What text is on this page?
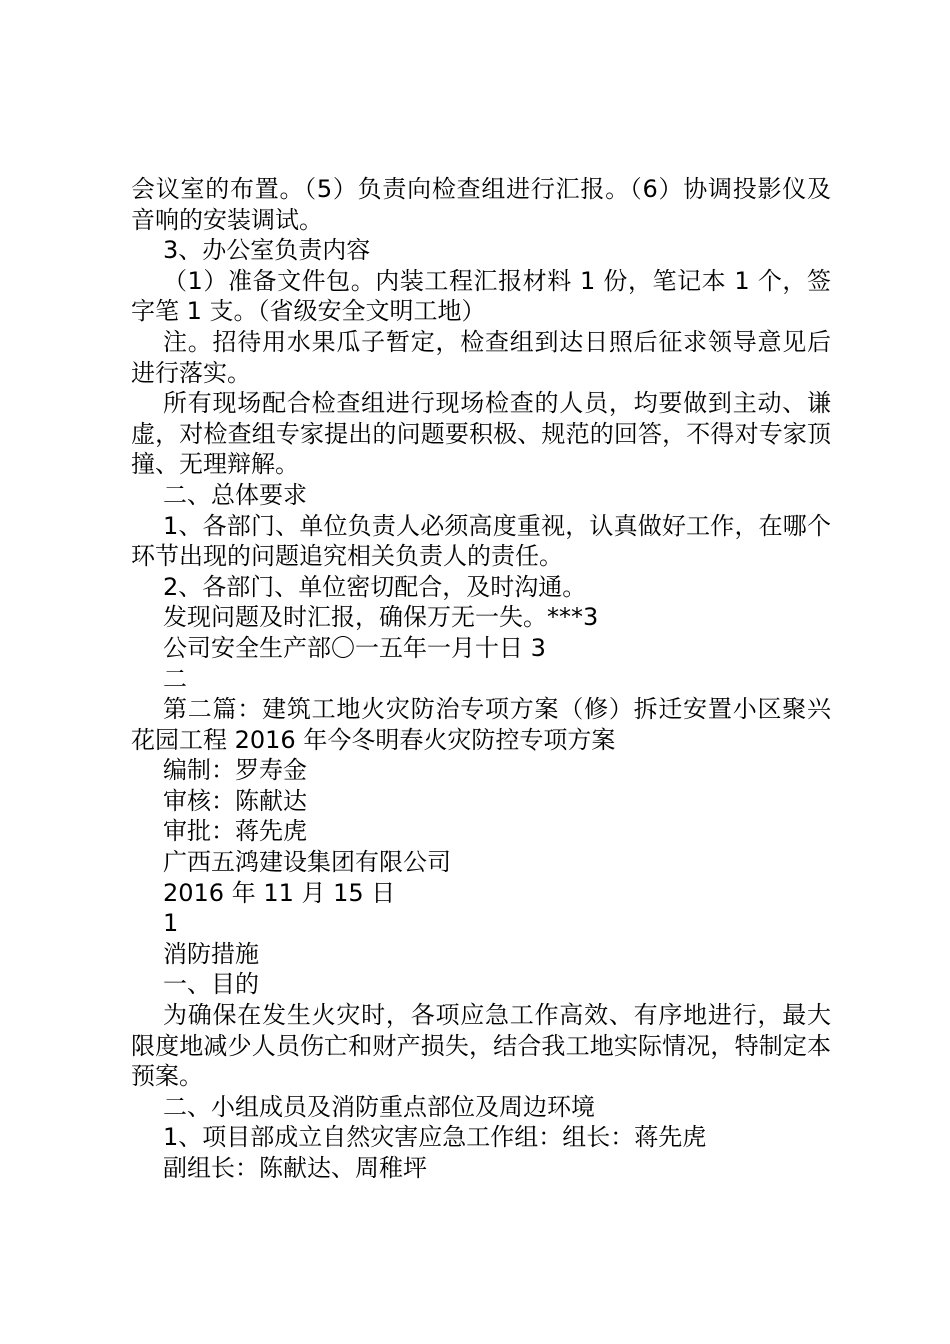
会议室的布置。（5）负责向检查组进行汇报。（6）协调投影仪及音响的安装调试。

3、办公室负责内容

（1）准备文件包。内装工程汇报材料 1 份，笔记本 1 个，签字笔 1 支。（省级安全文明工地）

注。招待用水果瓜子暂定，检查组到达日照后征求领导意见后进行落实。

所有现场配合检查组进行现场检查的人员，均要做到主动、谦虚，对检查组专家提出的问题要积极、规范的回答，不得对专家顶撞、无理辩解。

二、总体要求

1、各部门、单位负责人必须高度重视，认真做好工作，在哪个环节出现的问题追究相关负责人的责任。

2、各部门、单位密切配合，及时沟通。

发现问题及时汇报，确保万无一失。***3

公司安全生产部〇一五年一月十日 3

二

第二篇：建筑工地火灾防治专项方案（修）拆迁安置小区聚兴花园工程 2016 年今冬明春火灾防控专项方案

编制：罗寿金

审核：陈献达

审批：蒋先虎

广西五鸿建设集团有限公司

2016 年 11 月 15 日

1

消防措施

一、目的

为确保在发生火灾时，各项应急工作高效、有序地进行，最大限度地减少人员伤亡和财产损失，结合我工地实际情况，特制定本预案。

二、小组成员及消防重点部位及周边环境

1、项目部成立自然灾害应急工作组：组长：蒋先虎

副组长：陈献达、周稚坪
